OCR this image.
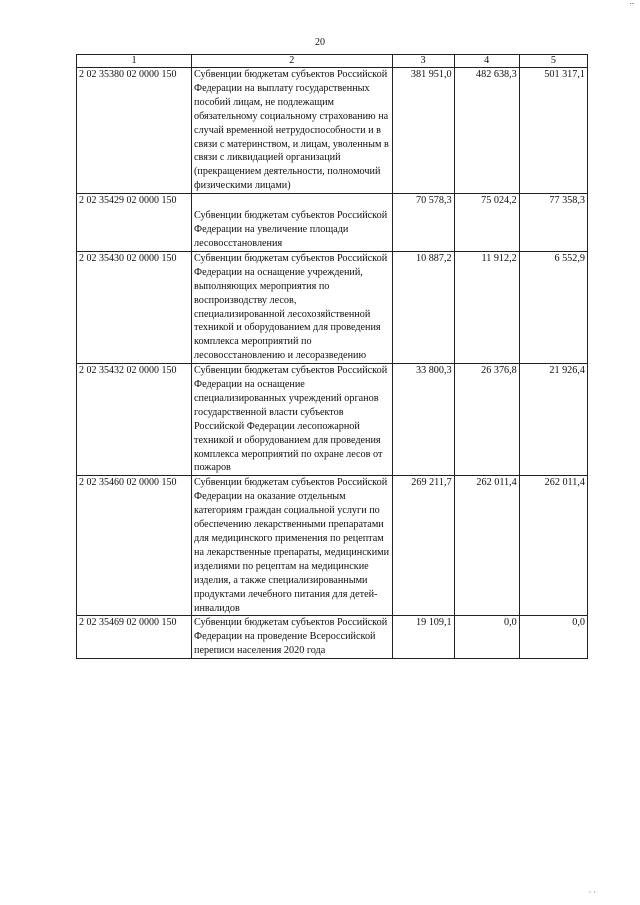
..
20
1	2	3	4	5
2 02 35380 02 0000 150	Субвенции бюджетам субъектов Российской Федерации на выплату государственных пособий лицам, не подлежащим обязательному социальному страхованию на случай временной нетрудоспособности и в связи с материнством, и лицам, уволенным в связи с ликвидацией организаций (прекращением деятельности, полномочий физическими лицами)	381 951,0	482 638,3	501 317,1
2 02 35429 02 0000 150	Субвенции бюджетам субъектов Российской Федерации на увеличение площади лесовосстановления	70 578,3	75 024,2	77 358,3
2 02 35430 02 0000 150	Субвенции бюджетам субъектов Российской Федерации на оснащение учреждений, выполняющих мероприятия по воспроизводству лесов, специализированной лесохозяйственной техникой и оборудованием для проведения комплекса мероприятий по лесовосстановлению и лесоразведению	10 887,2	11 912,2	6 552,9
2 02 35432 02 0000 150	Субвенции бюджетам субъектов Российской Федерации на оснащение специализированных учреждений органов государственной власти субъектов Российской Федерации лесопожарной техникой и оборудованием для проведения комплекса мероприятий по охране лесов от пожаров	33 800,3	26 376,8	21 926,4
2 02 35460 02 0000 150	Субвенции бюджетам субъектов Российской Федерации на оказание отдельным категориям граждан социальной услуги по обеспечению лекарственными препаратами для медицинского применения по рецептам на лекарственные препараты, медицинскими изделиями по рецептам на медицинские изделия, а также специализированными продуктами лечебного питания для детей-инвалидов	269 211,7	262 011,4	262 011,4
2 02 35469 02 0000 150	Субвенции бюджетам субъектов Российской Федерации на проведение Всероссийской переписи населения 2020 года	19 109,1	0,0	0,0
· ·
